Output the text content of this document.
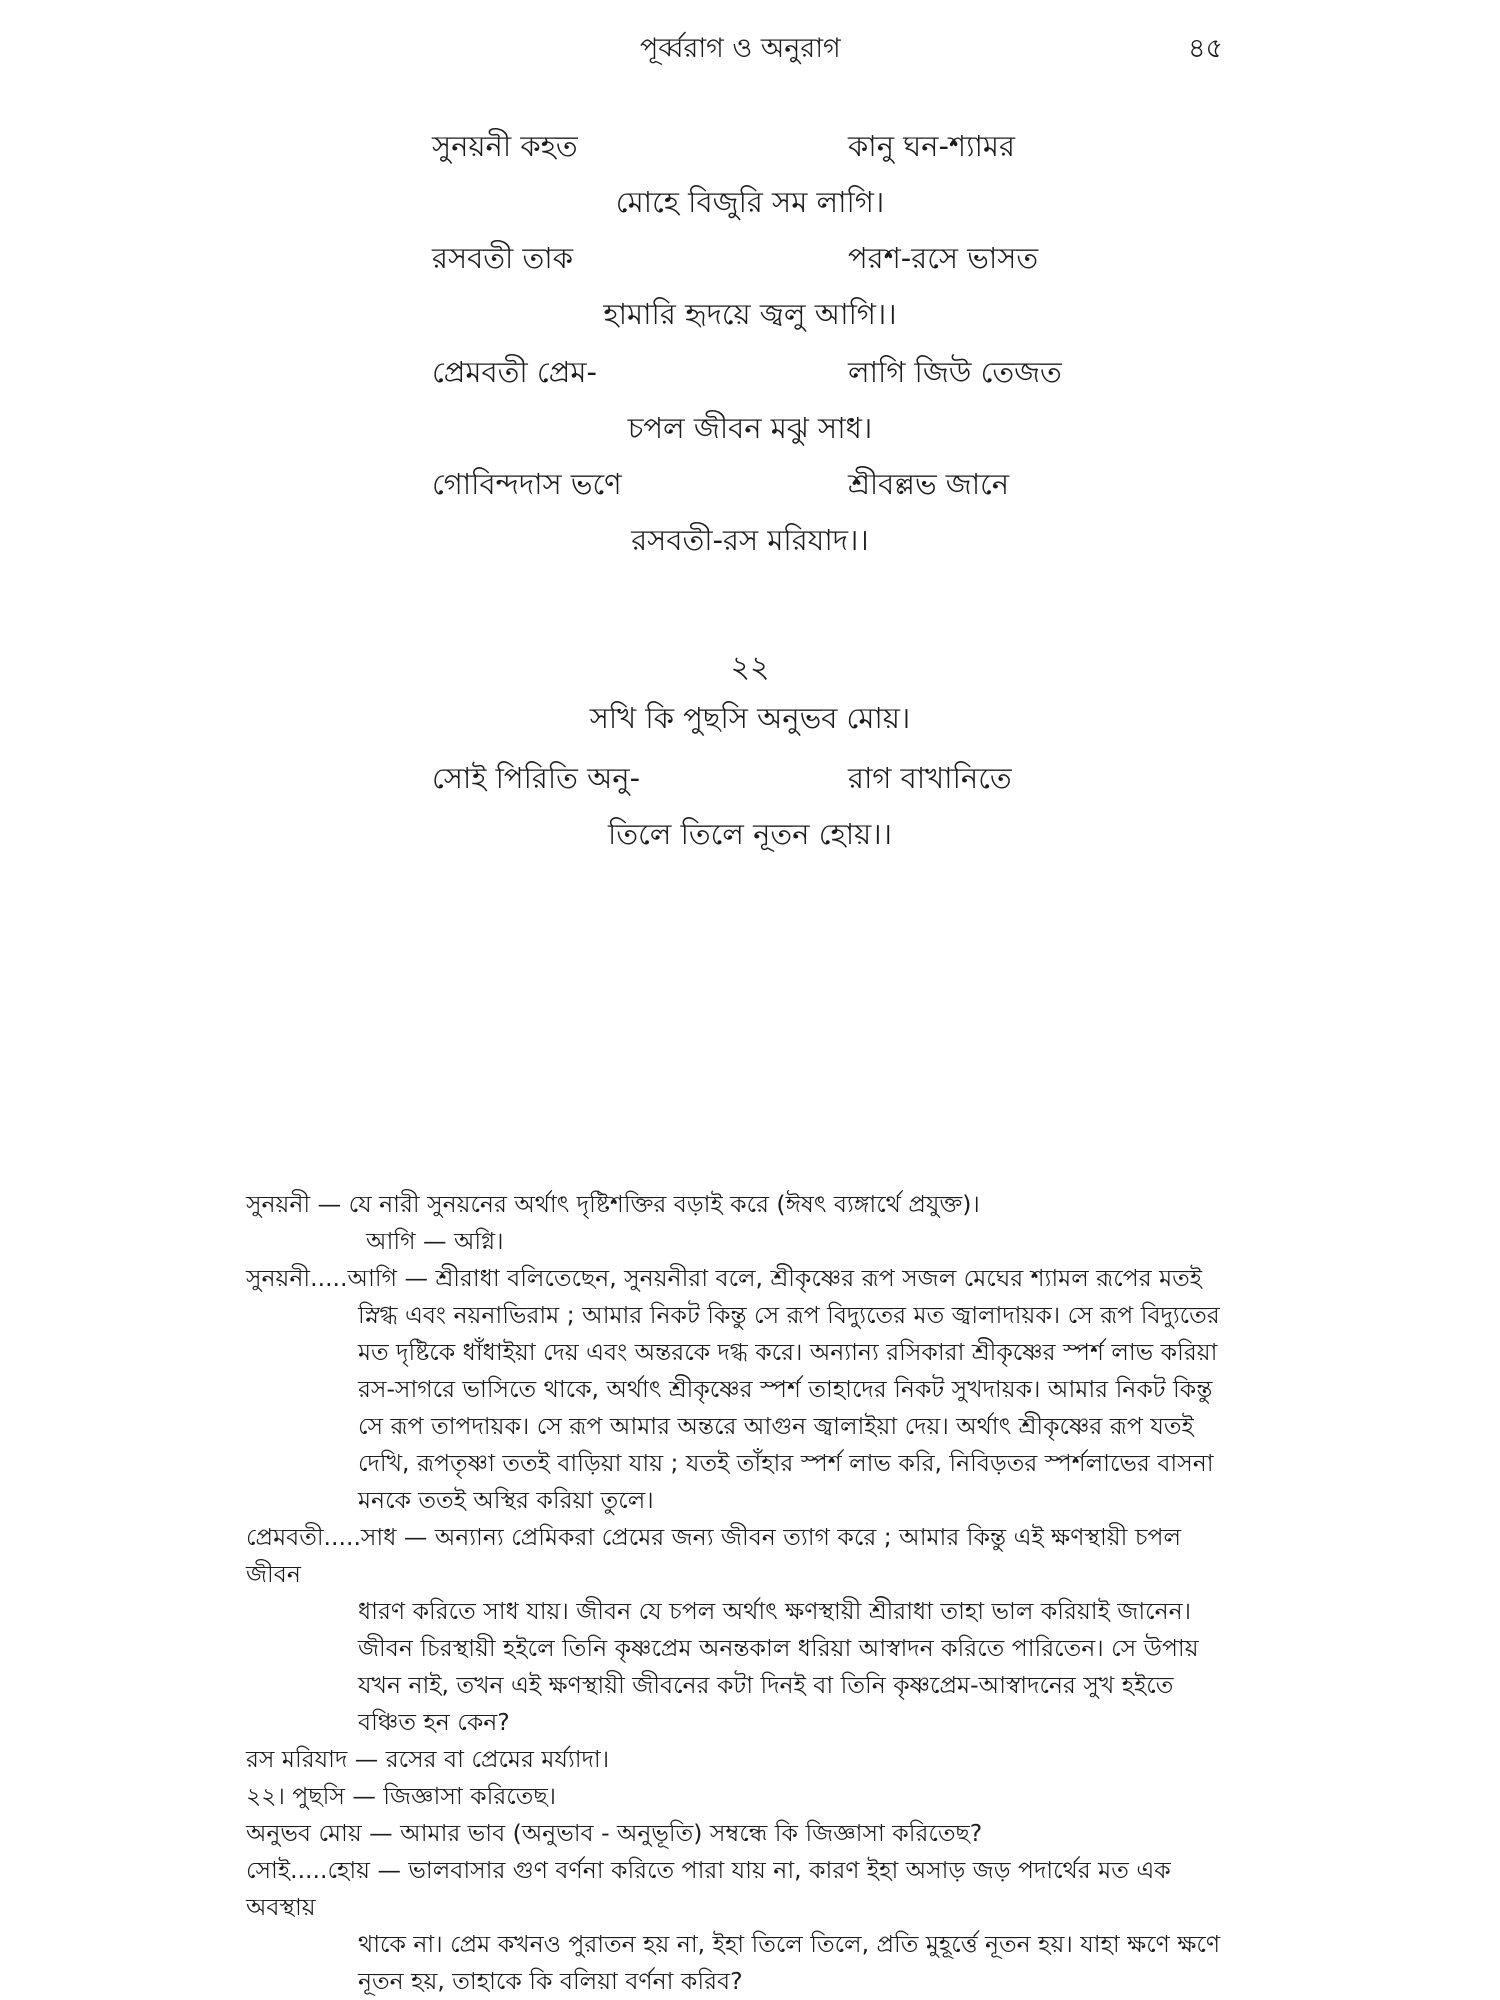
পূর্ব্বরাগ ও অনুরাগ	৪৫
সুনয়নী কহত	কানু ঘন-শ্যামর
মোহে বিজুরি সম লাগি।
রসবতী তাক	পরশ-রসে ভাসত
হামারি হৃদয়ে জ্বলু আগি।।
প্রেমবতী প্রেম-	লাগি জিউ তেজত
চপল জীবন মঝু সাধ।
গোবিন্দদাস ভণে	শ্রীবল্লভ জানে
রসবতী-রস মরিযাদ।।
২২
সখি কি পুছসি অনুভব মোয়।
সোই পিরিতি অনু-	রাগ বাখানিতে
তিলে তিলে নূতন হোয়।।

সুনয়নী — যে নারী সুনয়নের অর্থাৎ দৃষ্টিশক্তির বড়াই করে (ঈষৎ ব্যঙ্গার্থে প্রযুক্ত)।আগি — অগ্নি।

সুনয়নী.....আগি — শ্রীরাধা বলিতেছেন, সুনয়নীরা বলে, শ্রীকৃষ্ণের রূপ সজল মেঘের শ্যামল রূপের মতই

স্নিগ্ধ এবং নয়নাভিরাম ; আমার নিকট কিন্তু সে রূপ বিদ্যুতের মত জ্বালাদায়ক। সে রূপ বিদ্যুতের

মত দৃষ্টিকে ধাঁধাইয়া দেয় এবং অন্তরকে দগ্ধ করে। অন্যান্য রসিকারা শ্রীকৃষ্ণের স্পর্শ লাভ করিয়া

রস-সাগরে ভাসিতে থাকে, অর্থাৎ শ্রীকৃষ্ণের স্পর্শ তাহাদের নিকট সুখদায়ক। আমার নিকট কিন্তু

সে রূপ তাপদায়ক। সে রূপ আমার অন্তরে আগুন জ্বালাইয়া দেয়। অর্থাৎ শ্রীকৃষ্ণের রূপ যতই

দেখি, রূপতৃষ্ণা ততই বাড়িয়া যায় ; যতই তাঁহার স্পর্শ লাভ করি, নিবিড়তর স্পর্শলাভের বাসনা

মনকে ততই অস্থির করিয়া তুলে।

প্রেমবতী.....সাধ — অন্যান্য প্রেমিকরা প্রেমের জন্য জীবন ত্যাগ করে ; আমার কিন্তু এই ক্ষণস্থায়ী চপল জীবন

ধারণ করিতে সাধ যায়। জীবন যে চপল অর্থাৎ ক্ষণস্থায়ী শ্রীরাধা তাহা ভাল করিয়াই জানেন।

জীবন চিরস্থায়ী হইলে তিনি কৃষ্ণপ্রেম অনন্তকাল ধরিয়া আস্বাদন করিতে পারিতেন। সে উপায়

যখন নাই, তখন এই ক্ষণস্থায়ী জীবনের কটা দিনই বা তিনি কৃষ্ণপ্রেম-আস্বাদনের সুখ হইতে

বঞ্চিত হন কেন?

রস মরিযাদ — রসের বা প্রেমের মর্য্যাদা।

২২। পুছসি — জিজ্ঞাসা করিতেছ।

অনুভব মোয় — আমার ভাব (অনুভাব - অনুভূতি) সম্বন্ধে কি জিজ্ঞাসা করিতেছ?

সোই.....হোয় — ভালবাসার গুণ বর্ণনা করিতে পারা যায় না, কারণ ইহা অসাড় জড় পদার্থের মত এক অবস্থায়

থাকে না। প্রেম কখনও পুরাতন হয় না, ইহা তিলে তিলে, প্রতি মুহূর্ত্তে নূতন হয়। যাহা ক্ষণে ক্ষণে

নূতন হয়, তাহাকে কি বলিয়া বর্ণনা করিব?
